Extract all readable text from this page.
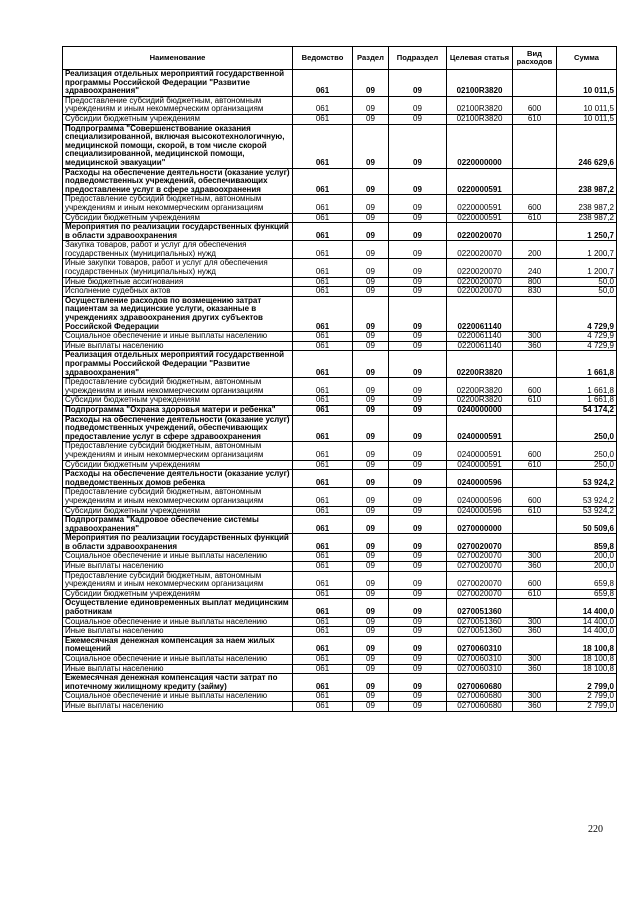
Наименование	Ведомство	Раздел	Подраздел	Целевая статья	Вид расходов	Сумма
Реализация отдельных мероприятий государственной программы Российской Федерации "Развитие здравоохранения"	061	09	09	02100R3820		10 011,5
Предоставление субсидий бюджетным, автономным учреждениям и иным некоммерческим организациям	061	09	09	02100R3820	600	10 011,5
Субсидии бюджетным учреждениям	061	09	09	02100R3820	610	10 011,5
Подпрограмма "Совершенствование оказания специализированной, включая высокотехнологичную, медицинской помощи, скорой, в том числе скорой специализированной, медицинской помощи, медицинской эвакуации"	061	09	09	0220000000		246 629,6
Расходы на обеспечение деятельности (оказание услуг) подведомственных учреждений, обеспечивающих предоставление услуг в сфере здравоохранения	061	09	09	0220000591		238 987,2
Предоставление субсидий бюджетным, автономным учреждениям и иным некоммерческим организациям	061	09	09	0220000591	600	238 987,2
Субсидии бюджетным учреждениям	061	09	09	0220000591	610	238 987,2
Мероприятия по реализации государственных функций в области здравоохранения	061	09	09	0220020070		1 250,7
Закупка товаров, работ и услуг для обеспечения государственных (муниципальных) нужд	061	09	09	0220020070	200	1 200,7
Иные закупки товаров, работ и услуг для обеспечения государственных (муниципальных) нужд	061	09	09	0220020070	240	1 200,7
Иные бюджетные ассигнования	061	09	09	0220020070	800	50,0
Исполнение судебных актов	061	09	09	0220020070	830	50,0
Осуществление расходов по возмещению затрат пациентам за медицинские услуги, оказанные в учреждениях здравоохранения других субъектов Российской Федерации	061	09	09	0220061140		4 729,9
Социальное обеспечение и иные выплаты населению	061	09	09	0220061140	300	4 729,9
Иные выплаты населению	061	09	09	0220061140	360	4 729,9
Реализация отдельных мероприятий государственной программы Российской Федерации "Развитие здравоохранения"	061	09	09	02200R3820		1 661,8
Предоставление субсидий бюджетным, автономным учреждениям и иным некоммерческим организациям	061	09	09	02200R3820	600	1 661,8
Субсидии бюджетным учреждениям	061	09	09	02200R3820	610	1 661,8
Подпрограмма "Охрана здоровья матери и ребенка"	061	09	09	0240000000		54 174,2
Расходы на обеспечение деятельности (оказание услуг) подведомственных учреждений, обеспечивающих предоставление услуг в сфере здравоохранения	061	09	09	0240000591		250,0
Предоставление субсидий бюджетным, автономным учреждениям и иным некоммерческим организациям	061	09	09	0240000591	600	250,0
Субсидии бюджетным учреждениям	061	09	09	0240000591	610	250,0
Расходы на обеспечение деятельности (оказание услуг) подведомственных домов ребенка	061	09	09	0240000596		53 924,2
Предоставление субсидий бюджетным, автономным учреждениям и иным некоммерческим организациям	061	09	09	0240000596	600	53 924,2
Субсидии бюджетным учреждениям	061	09	09	0240000596	610	53 924,2
Подпрограмма "Кадровое обеспечение системы здравоохранения"	061	09	09	0270000000		50 509,6
Мероприятия по реализации государственных функций в области здравоохранения	061	09	09	0270020070		859,8
Социальное обеспечение и иные выплаты населению	061	09	09	0270020070	300	200,0
Иные выплаты населению	061	09	09	0270020070	360	200,0
Предоставление субсидий бюджетным, автономным учреждениям и иным некоммерческим организациям	061	09	09	0270020070	600	659,8
Субсидии бюджетным учреждениям	061	09	09	0270020070	610	659,8
Осуществление единовременных выплат медицинским работникам	061	09	09	0270051360		14 400,0
Социальное обеспечение и иные выплаты населению	061	09	09	0270051360	300	14 400,0
Иные выплаты населению	061	09	09	0270051360	360	14 400,0
Ежемесячная денежная компенсация за наем жилых помещений	061	09	09	0270060310		18 100,8
Социальное обеспечение и иные выплаты населению	061	09	09	0270060310	300	18 100,8
Иные выплаты населению	061	09	09	0270060310	360	18 100,8
Ежемесячная денежная компенсация части затрат по ипотечному жилищному кредиту (займу)	061	09	09	0270060680		2 799,0
Социальное обеспечение и иные выплаты населению	061	09	09	0270060680	300	2 799,0
Иные выплаты населению	061	09	09	0270060680	360	2 799,0
220
